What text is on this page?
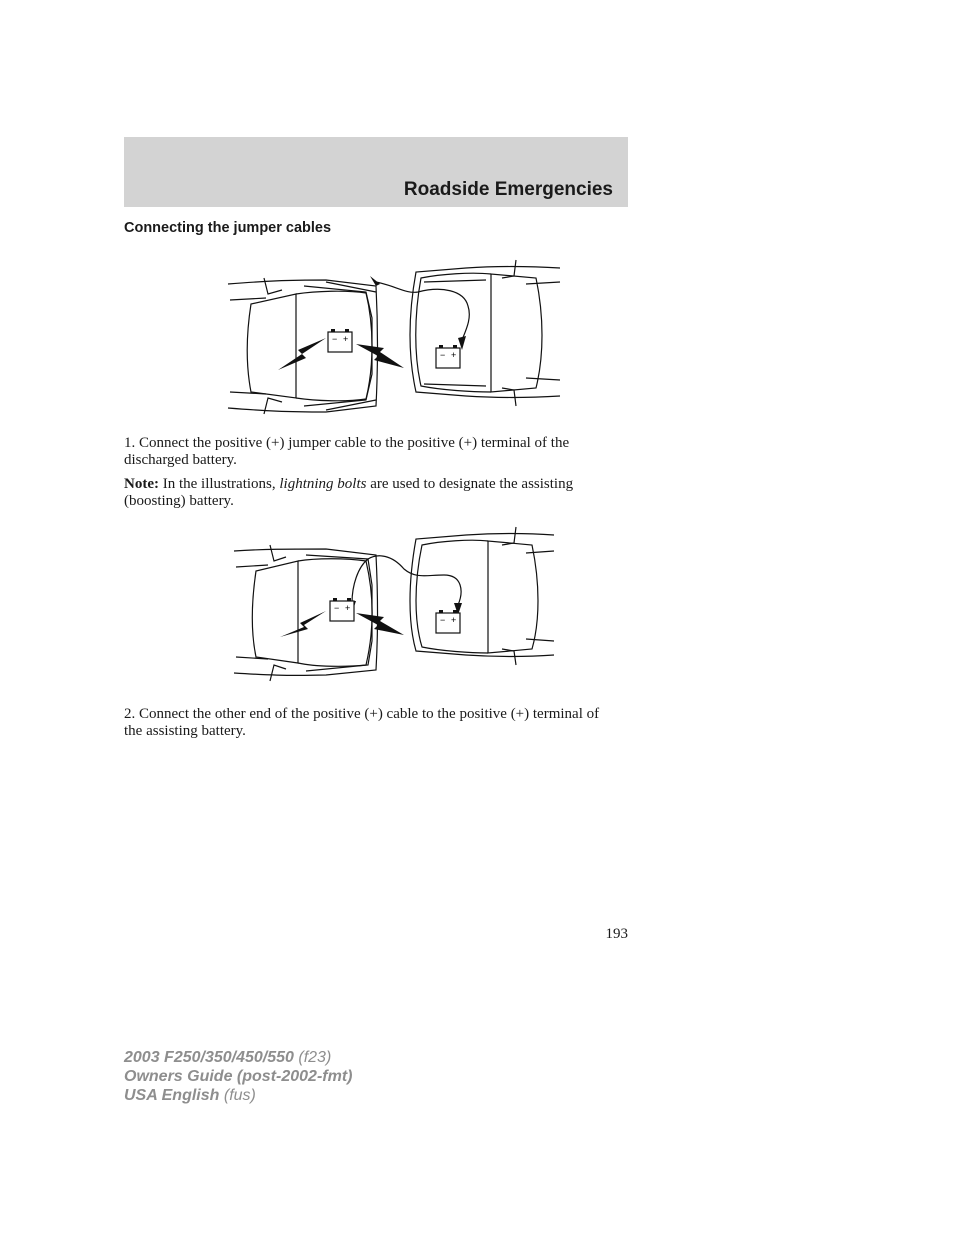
Roadside Emergencies
Connecting the jumper cables
− +
− +
1. Connect the positive (+) jumper cable to the positive (+) terminal of the discharged battery.
Note: In the illustrations, lightning bolts are used to designate the assisting (boosting) battery.
− +
− +
2. Connect the other end of the positive (+) cable to the positive (+) terminal of the assisting battery.
193
2003 F250/350/450/550 (f23)
Owners Guide (post-2002-fmt)
USA English (fus)
